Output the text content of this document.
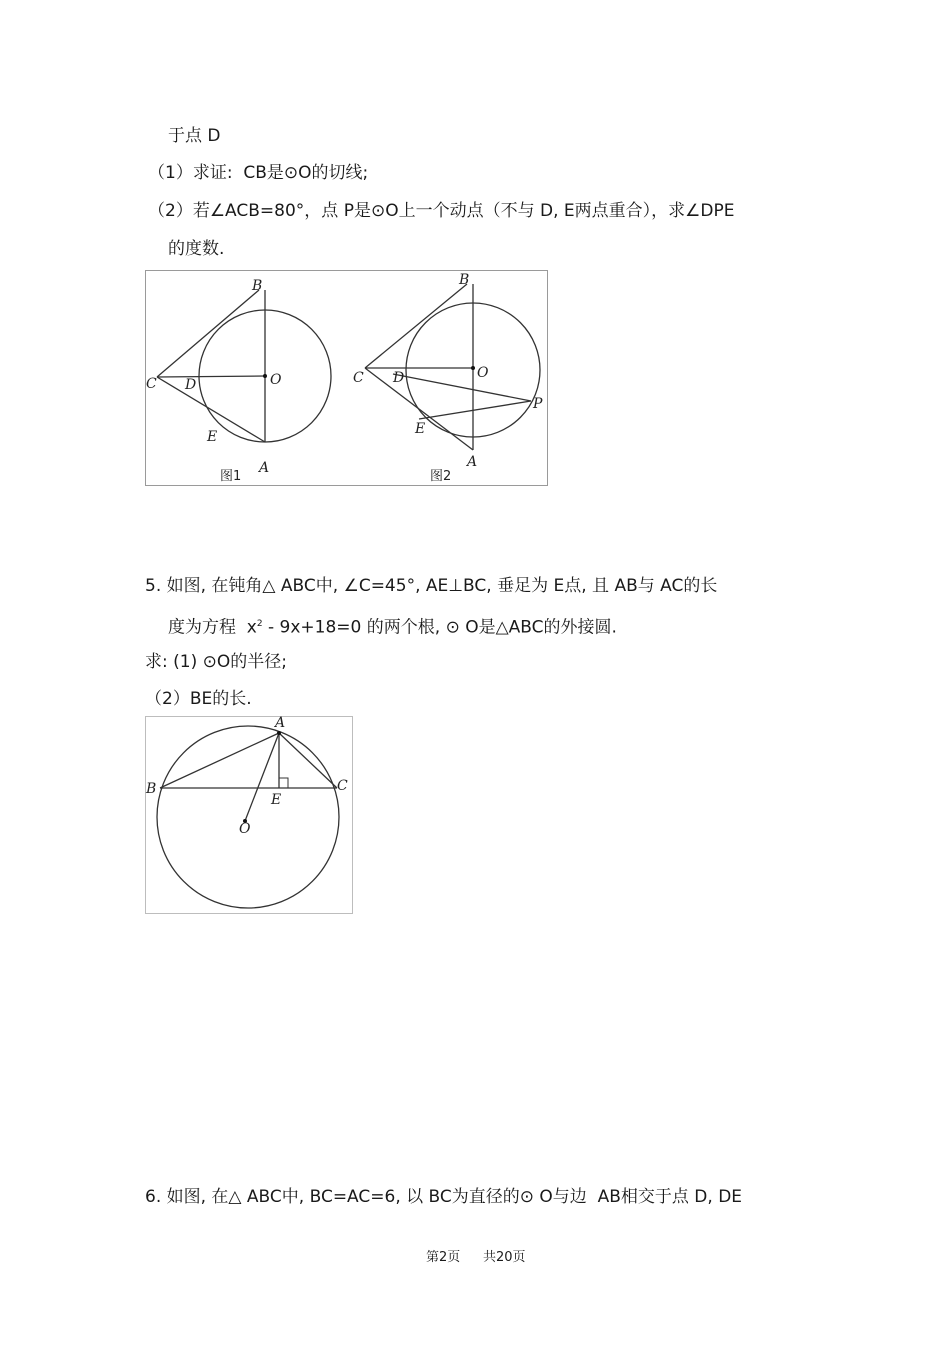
于点 D
（1）求证:  CB是⊙O的切线;
（2）若∠ACB=80°，点 P是⊙O上一个动点（不与 D, E两点重合），求∠DPE
的度数.
B
C D	O
E
A
图1
B
C D	O
P
E
A
图2
5. 如图, 在钝角△ ABC中, ∠C=45°, AE⊥BC, 垂足为 E点, 且 AB与 AC的长
度为方程  $x^2 - 9x+18=0$ 的两个根, ⊙ O是△ABC的外接圆.
求: (1) ⊙O的半径;
（2）BE的长.
A
B	C
E
O
6. 如图, 在△ ABC中, BC=AC=6, 以 BC为直径的⊙ O与边  AB相交于点 D, DE
第2页 共20页
